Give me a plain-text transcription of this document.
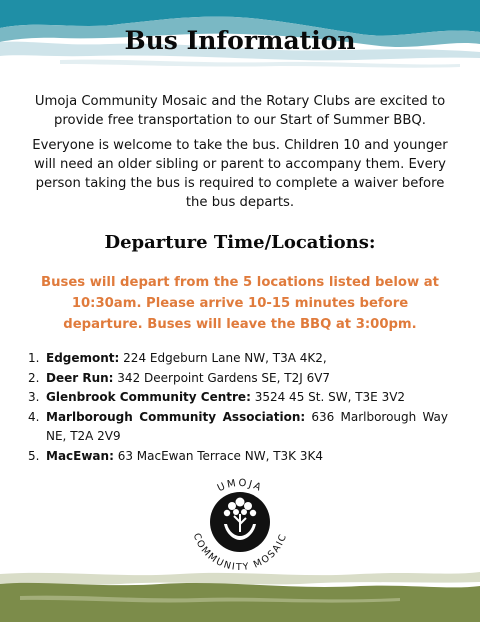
Bus Information

Umoja Community Mosaic and the Rotary Clubs are excited to provide free transportation to our Start of Summer BBQ.

Everyone is welcome to take the bus. Children 10 and younger will need an older sibling or parent to accompany them. Every person taking the bus is required to complete a waiver before the bus departs.

Departure Time/Locations:

Buses will depart from the 5 locations listed below at 10:30am. Please arrive 10-15 minutes before departure. Buses will leave the BBQ at 3:00pm.

1. Edgemont: 224 Edgeburn Lane NW, T3A 4K2,
2. Deer Run: 342 Deerpoint Gardens SE, T2J 6V7
3. Glenbrook Community Centre: 3524 45 St. SW, T3E 3V2
4. Marlborough Community Association: 636 Marlborough Way NE, T2A 2V9
5. MacEwan: 63 MacEwan Terrace NW, T3K 3K4
UMOJA
COMMUNITY MOSAIC
